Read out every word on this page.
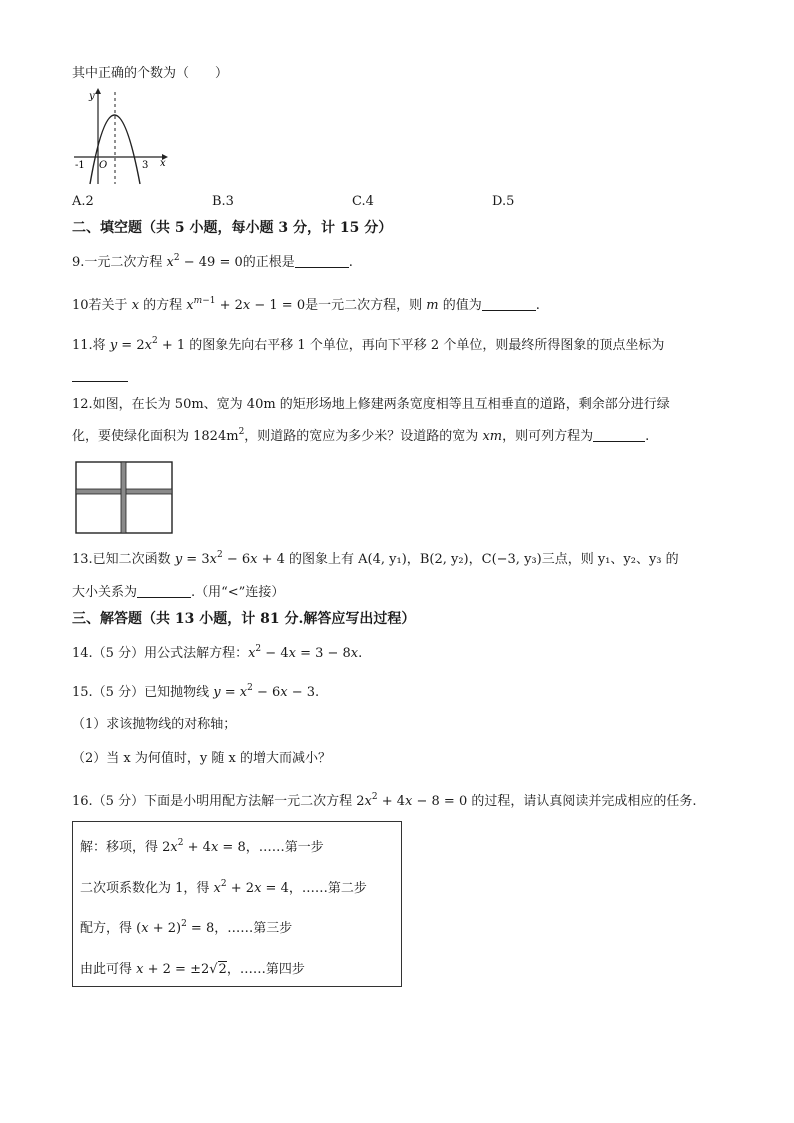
其中正确的个数为（　　）
y
-1 O	3 x
A.2	B.3	C.4	D.5
二、填空题（共 5 小题，每小题 3 分，计 15 分）
9.一元二次方程 $x^2 - 49 = 0$的正根是	.
10若关于 x 的方程 $x^{m-1} + 2x - 1 = 0$是一元二次方程，则 m 的值为	.
11.将 $y = 2x^2 + 1$ 的图象先向右平移 1 个单位，再向下平移 2 个单位，则最终所得图象的顶点坐标为
12.如图，在长为 50m、宽为 40m 的矩形场地上修建两条宽度相等且互相垂直的道路，剩余部分进行绿
化，要使绿化面积为 $1824m^2$，则道路的宽应为多少米？设道路的宽为 xm，则可列方程为	.
13.已知二次函数 $y = 3x^2 - 6x + 4$ 的图象上有 A(4, y₁)，B(2, y₂)，C(−3, y₃)三点，则 y₁、y₂、y₃ 的
大小关系为	.（用“<”连接）
三、解答题（共 13 小题，计 81 分.解答应写出过程）
14.（5 分）用公式法解方程：$x^2 - 4x = 3 - 8x$.
15.（5 分）已知抛物线 $y = x^2 - 6x - 3$.
（1）求该抛物线的对称轴；
（2）当 x 为何值时，y 随 x 的增大而减小？
16.（5 分）下面是小明用配方法解一元二次方程 $2x^2 + 4x - 8 = 0$ 的过程，请认真阅读并完成相应的任务.
解：移项，得 $2x^2 + 4x = 8$，……第一步
二次项系数化为 1，得 $x^2 + 2x = 4$，……第二步
配方，得 $(x + 2)^2 = 8$，……第三步
由此可得 x + 2 = ±2√2，……第四步
